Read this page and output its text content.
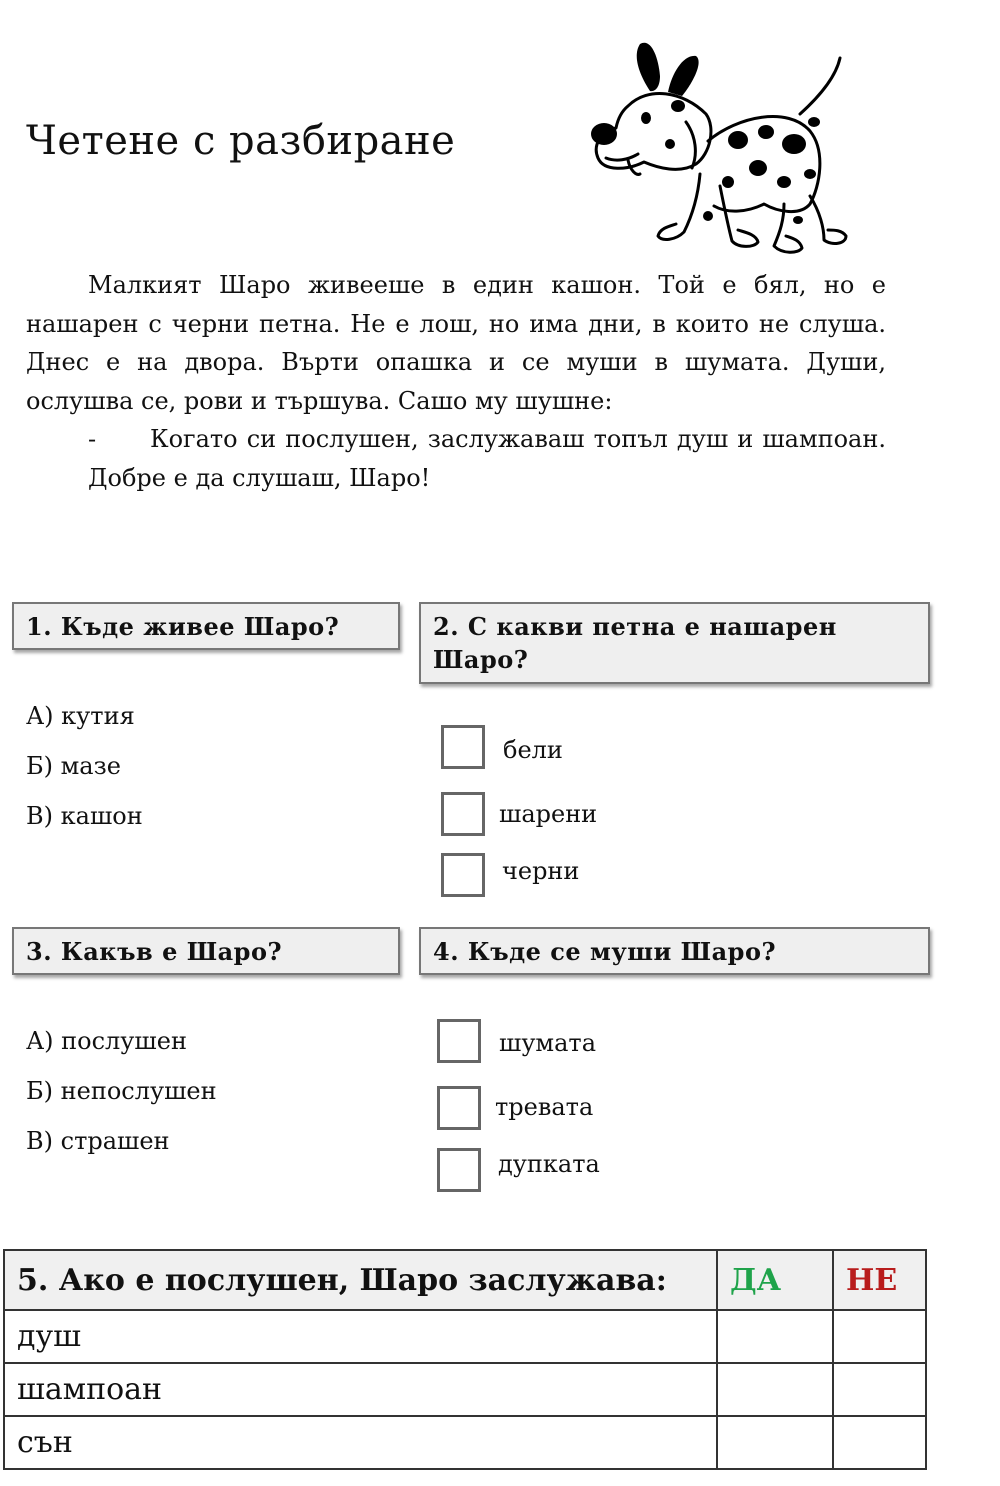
Четене с разбиране

Малкият Шаро живееше в един кашон. Той е бял, но е нашарен с черни петна. Не е лош, но има дни, в които не слуша. Днес е на двора. Върти опашка и се муши в шумата. Души, ослушва се, рови и тършува. Сашо му шушне:

- Когато си послушен, заслужаваш топъл душ и шампоан. Добре е да слушаш, Шаро!

1. Къде живее Шаро?
А) кутия
Б) мазе
В) кашон
2. С какви петна е нашарен Шаро?
бели
шарени
черни
3. Какъв е Шаро?
А) послушен
Б) непослушен
В) страшен
4. Къде се муши Шаро?
шумата
тревата
дупката
5. Ако е послушен, Шаро заслужава:	ДА	НЕ
душ		
шампоан		
сън		
